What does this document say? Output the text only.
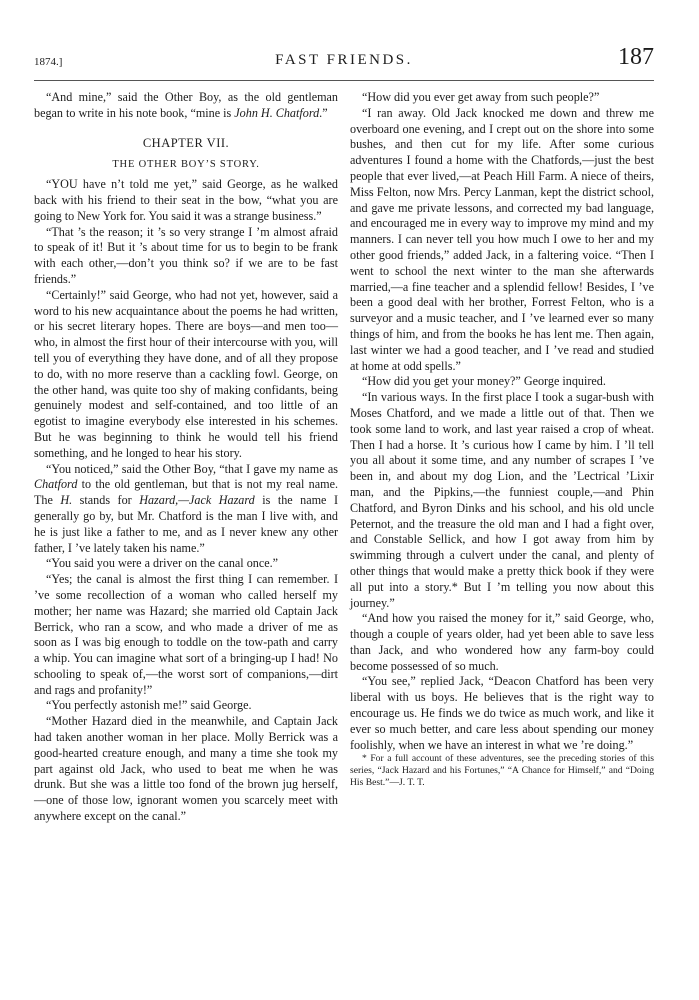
1874.]	FAST FRIENDS.	187

“And mine,” said the Other Boy, as the old gentleman began to write in his note book, “mine is John H. Chatford.”

CHAPTER VII.
THE OTHER BOY’S STORY.

“YOU have n’t told me yet,” said George, as he walked back with his friend to their seat in the bow, “what you are going to New York for. You said it was a strange business.”

“That ’s the reason; it ’s so very strange I ’m almost afraid to speak of it! But it ’s about time for us to begin to be frank with each other,—don’t you think so? if we are to be fast friends.”

“Certainly!” said George, who had not yet, however, said a word to his new acquaintance about the poems he had written, or his secret literary hopes. There are boys—and men too—who, in almost the first hour of their intercourse with you, will tell you of everything they have done, and of all they propose to do, with no more reserve than a cackling fowl. George, on the other hand, was quite too shy of making confidants, being genuinely modest and self-contained, and too little of an egotist to imagine everybody else interested in his schemes. But he was beginning to think he would tell his friend something, and he longed to hear his story.

“You noticed,” said the Other Boy, “that I gave my name as Chatford to the old gentleman, but that is not my real name. The H. stands for Hazard,—Jack Hazard is the name I generally go by, but Mr. Chatford is the man I live with, and he is just like a father to me, and as I never knew any other father, I ’ve lately taken his name.”

“You said you were a driver on the canal once.”

“Yes; the canal is almost the first thing I can remember. I ’ve some recollection of a woman who called herself my mother; her name was Hazard; she married old Captain Jack Berrick, who ran a scow, and who made a driver of me as soon as I was big enough to toddle on the tow-path and carry a whip. You can imagine what sort of a bringing-up I had! No schooling to speak of,—the worst sort of companions,—dirt and rags and profanity!”

“You perfectly astonish me!” said George.

“Mother Hazard died in the meanwhile, and Captain Jack had taken another woman in her place. Molly Berrick was a good-hearted creature enough, and many a time she took my part against old Jack, who used to beat me when he was drunk. But she was a little too fond of the brown jug herself,—one of those low, ignorant women you scarcely meet with anywhere except on the canal.”

“How did you ever get away from such people?”

“I ran away. Old Jack knocked me down and threw me overboard one evening, and I crept out on the shore into some bushes, and then cut for my life. After some curious adventures I found a home with the Chatfords,—just the best people that ever lived,—at Peach Hill Farm. A niece of theirs, Miss Felton, now Mrs. Percy Lanman, kept the district school, and gave me private lessons, and corrected my bad language, and encouraged me in every way to improve my mind and my manners. I can never tell you how much I owe to her and my other good friends,” added Jack, in a faltering voice. “Then I went to school the next winter to the man she afterwards married,—a fine teacher and a splendid fellow! Besides, I ’ve been a good deal with her brother, Forrest Felton, who is a surveyor and a music teacher, and I ’ve learned ever so many things of him, and from the books he has lent me. Then again, last winter we had a good teacher, and I ’ve read and studied at home at odd spells.”

“How did you get your money?” George inquired.

“In various ways. In the first place I took a sugar-bush with Moses Chatford, and we made a little out of that. Then we took some land to work, and last year raised a crop of wheat. Then I had a horse. It ’s curious how I came by him. I ’ll tell you all about it some time, and any number of scrapes I ’ve been in, and about my dog Lion, and the ’Lectrical ’Lixir man, and the Pipkins,—the funniest couple,—and Phin Chatford, and Byron Dinks and his school, and his old uncle Peternot, and the treasure the old man and I had a fight over, and Constable Sellick, and how I got away from him by swimming through a culvert under the canal, and plenty of other things that would make a pretty thick book if they were all put into a story.* But I ’m telling you now about this journey.”

“And how you raised the money for it,” said George, who, though a couple of years older, had yet been able to save less than Jack, and who wondered how any farm-boy could become possessed of so much.

“You see,” replied Jack, “Deacon Chatford has been very liberal with us boys. He believes that is the right way to encourage us. He finds we do twice as much work, and like it ever so much better, and care less about spending our money foolishly, when we have an interest in what we ’re doing.”

* For a full account of these adventures, see the preceding stories of this series, “Jack Hazard and his Fortunes,” “A Chance for Himself,” and “Doing His Best.”—J. T. T.
